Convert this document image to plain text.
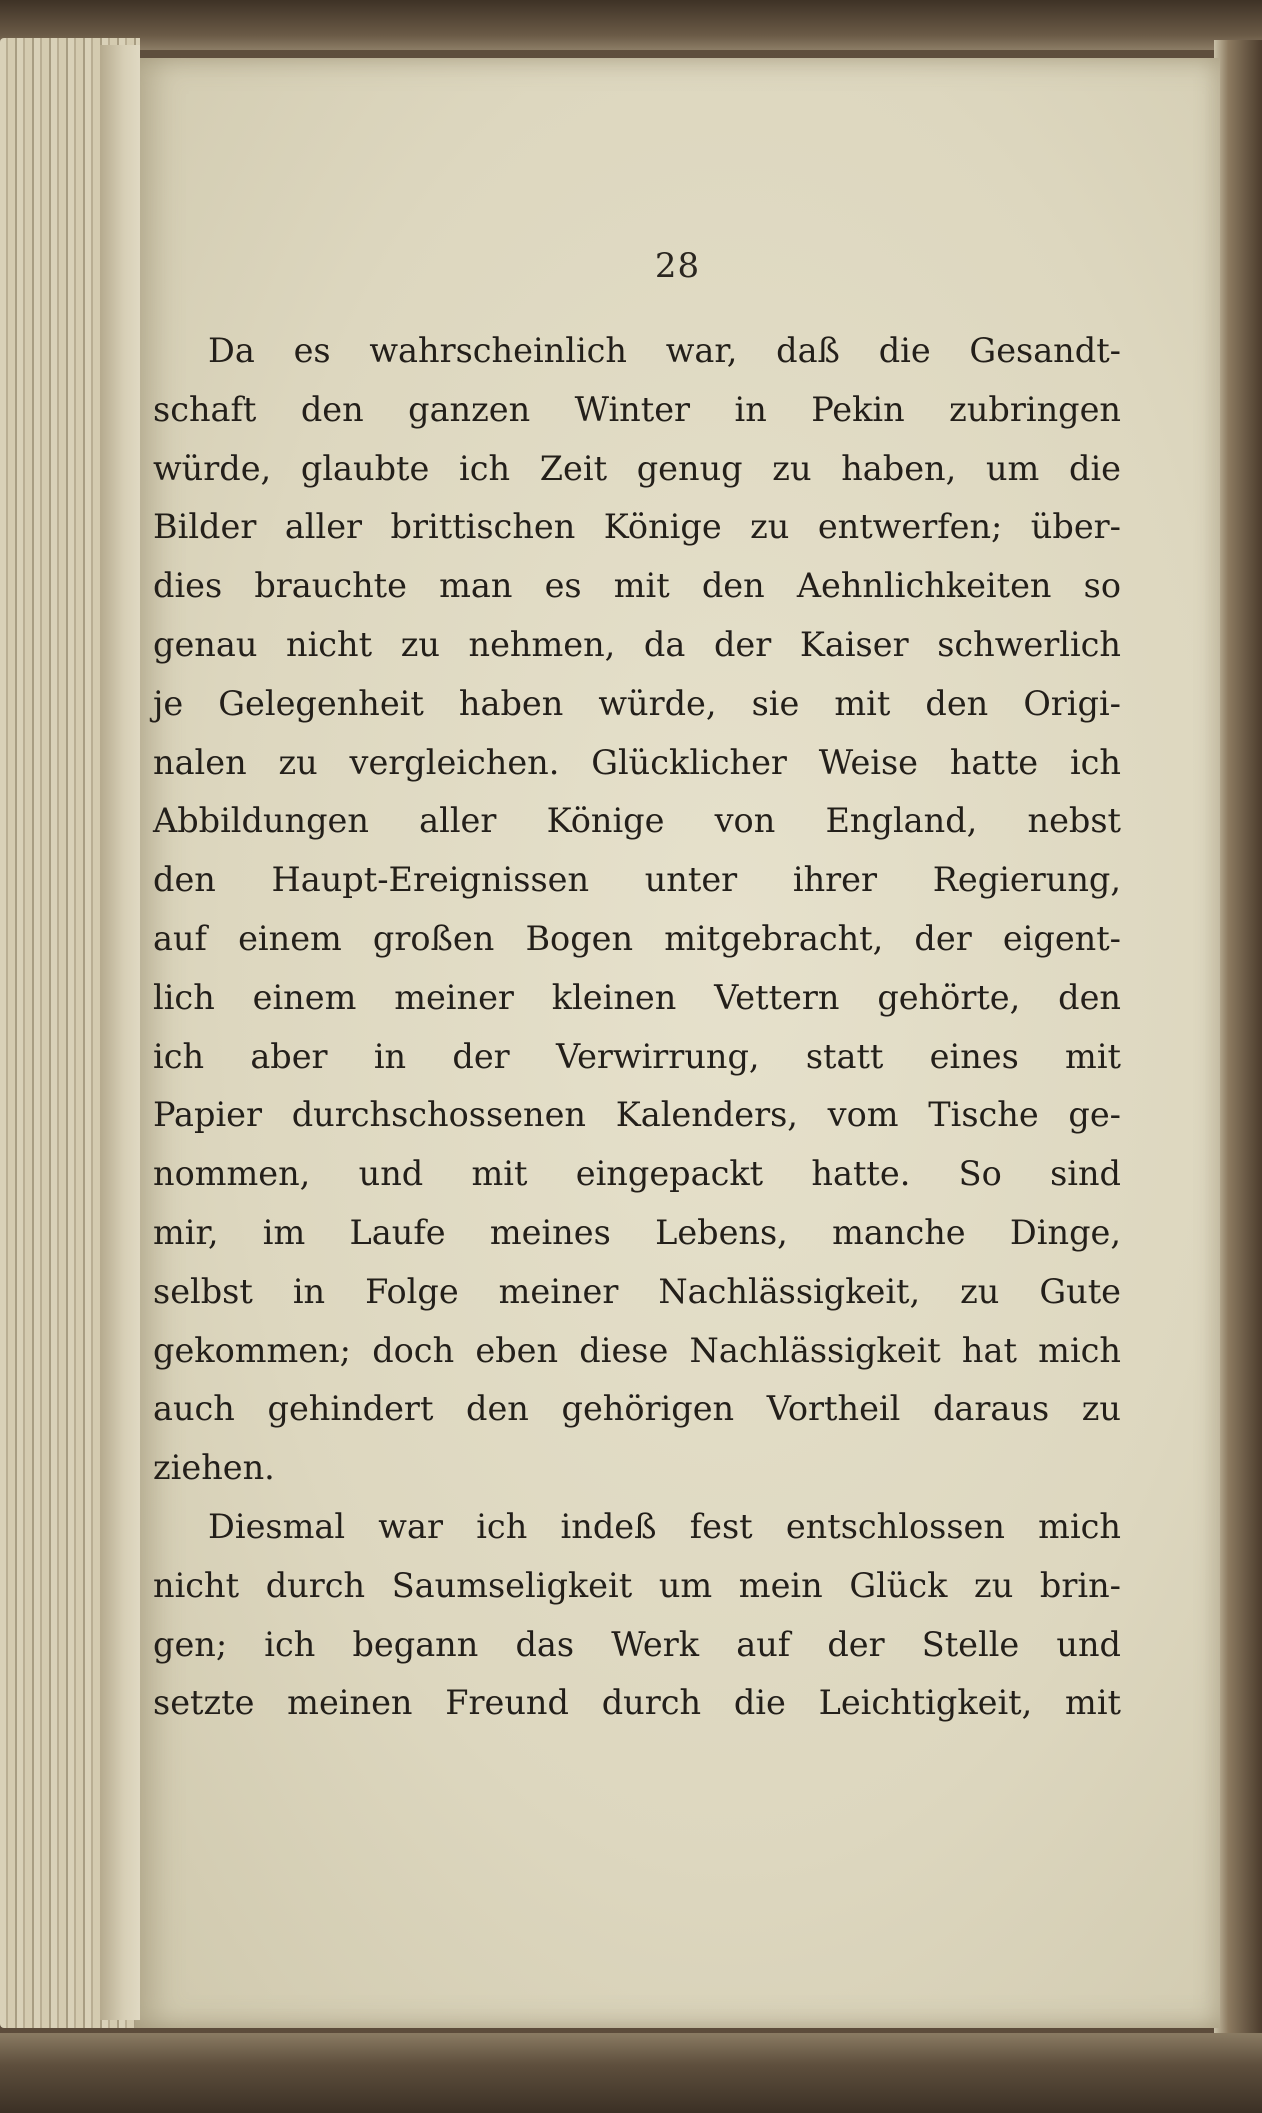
28
Da es wahrscheinlich war, daß die Gesandt-
schaft den ganzen Winter in Pekin zubringen
würde, glaubte ich Zeit genug zu haben, um die
Bilder aller brittischen Könige zu entwerfen; über-
dies brauchte man es mit den Aehnlichkeiten so
genau nicht zu nehmen, da der Kaiser schwerlich
je Gelegenheit haben würde, sie mit den Origi-
nalen zu vergleichen. Glücklicher Weise hatte ich
Abbildungen aller Könige von England, nebst
den Haupt-Ereignissen unter ihrer Regierung,
auf einem großen Bogen mitgebracht, der eigent-
lich einem meiner kleinen Vettern gehörte, den
ich aber in der Verwirrung, statt eines mit
Papier durchschossenen Kalenders, vom Tische ge-
nommen, und mit eingepackt hatte. So sind
mir, im Laufe meines Lebens, manche Dinge,
selbst in Folge meiner Nachlässigkeit, zu Gute
gekommen; doch eben diese Nachlässigkeit hat mich
auch gehindert den gehörigen Vortheil daraus zu
ziehen.
Diesmal war ich indeß fest entschlossen mich
nicht durch Saumseligkeit um mein Glück zu brin-
gen; ich begann das Werk auf der Stelle und
setzte meinen Freund durch die Leichtigkeit, mit
